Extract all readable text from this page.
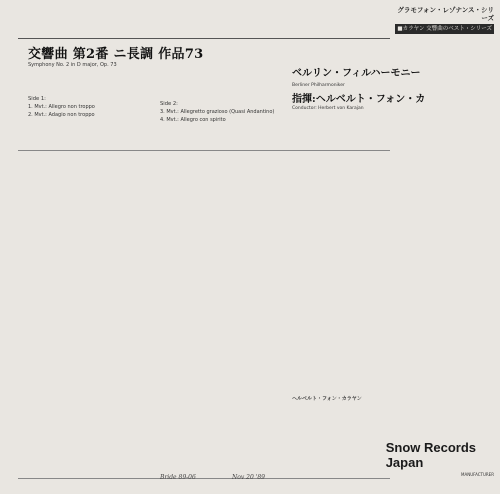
グラモフォン・レゾナンス・シリーズ
■カラヤン 交響曲のベスト・シリーズ
交響曲 第2番 ニ長調 作品73
Symphony No. 2 in D major, Op. 73
Side 1:
1. Mvt.: Allegro non troppo
2. Mvt.: Adagio non troppo
Side 2:
3. Mvt.: Allegretto grazioso (Quasi Andantino)
4. Mvt.: Allegro con spirito
ベルリン・フィルハーモニー
Berliner Philharmoniker
指揮:ヘルベルト・フォン・カ
Conductor: Herbert von Karajan
ヘルベルト・フォン・カラヤン
Bride 89-06	Nov 20 '89
Snow Records
Japan
MANUFACTURER
